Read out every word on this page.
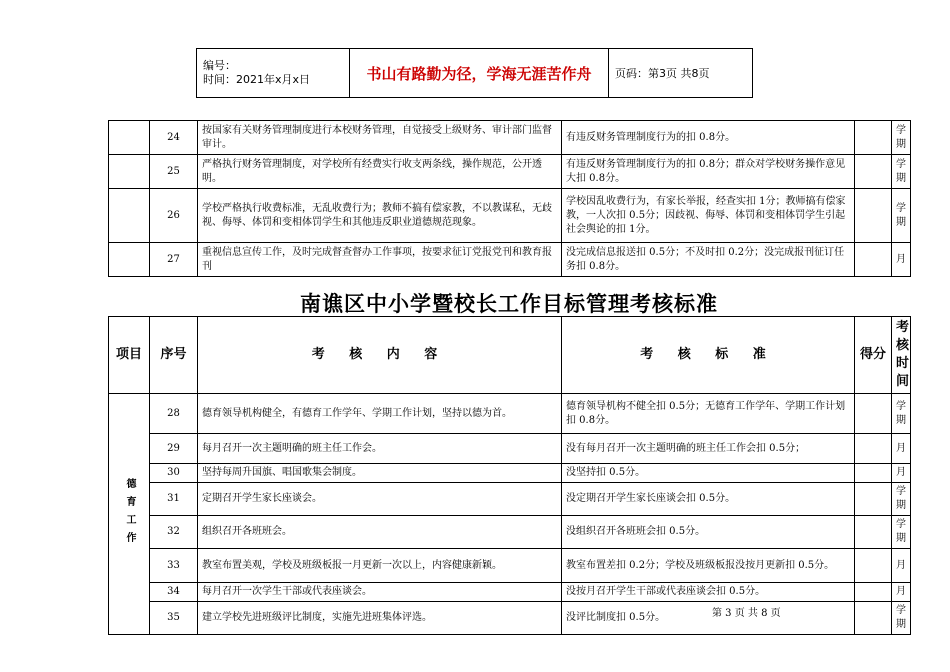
编号：
时间：2021年x月x日	书山有路勤为径，学海无涯苦作舟	页码：第3页 共8页
	24	按国家有关财务管理制度进行本校财务管理，自觉接受上级财务、审计部门监督审计。	有违反财务管理制度行为的扣 0.8分。		学期
	25	严格执行财务管理制度，对学校所有经费实行收支两条线，操作规范，公开透明。	有违反财务管理制度行为的扣 0.8分；群众对学校财务操作意见大扣 0.8分。		学期
	26	学校严格执行收费标准，无乱收费行为；教师不搞有偿家教，不以教谋私，无歧视、侮辱、体罚和变相体罚学生和其他违反职业道德规范现象。	学校因乱收费行为，有家长举报，经查实扣 1分；教师搞有偿家教，一人次扣 0.5分；因歧视、侮辱、体罚和变相体罚学生引起社会舆论的扣 1分。		学期
	27	重视信息宣传工作，及时完成督查督办工作事项，按要求征订党报党刊和教育报刊	没完成信息报送扣 0.5分；不及时扣 0.2分；没完成报刊征订任务扣 0.8分。		月
南谯区中小学暨校长工作目标管理考核标准
项目	序号	考 核 内 容	考 核 标 准	得分	考核时间

德育工作	28	德育领导机构健全，有德育工作学年、学期工作计划，坚持以德为首。	德育领导机构不健全扣 0.5分；无德育工作学年、学期工作计划扣 0.8分。		学期
	29	每月召开一次主题明确的班主任工作会。	没有每月召开一次主题明确的班主任工作会扣 0.5分；		月
	30	坚持每周升国旗、唱国歌集会制度。	没坚持扣 0.5分。		月
	31	定期召开学生家长座谈会。	没定期召开学生家长座谈会扣 0.5分。		学期
	32	组织召开各班班会。	没组织召开各班班会扣 0.5分。		学期
	33	教室布置美观，学校及班级板报一月更新一次以上，内容健康新颖。	教室布置差扣 0.2分；学校及班级板报没按月更新扣 0.5分。		月
	34	每月召开一次学生干部或代表座谈会。	没按月召开学生干部或代表座谈会扣 0.5分。		月
	35	建立学校先进班级评比制度，实施先进班集体评选。	没评比制度扣 0.5分。		学期
第 3 页 共 8 页
